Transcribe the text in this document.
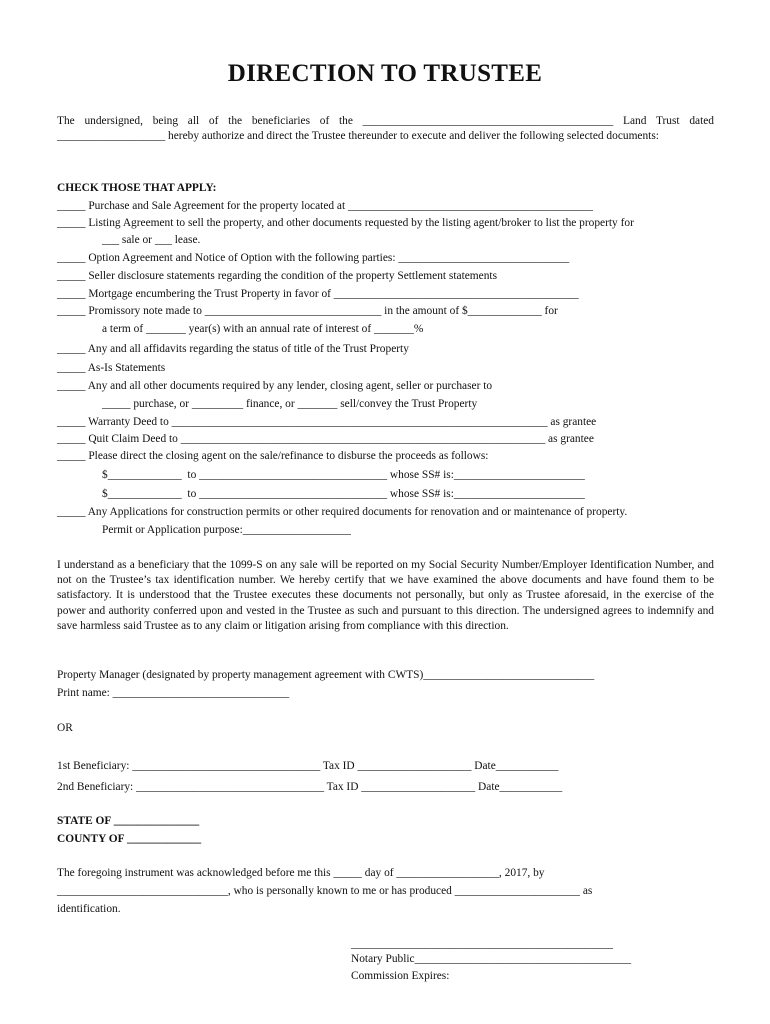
DIRECTION TO TRUSTEE
The undersigned, being all of the beneficiaries of the ____________________________________________ Land Trust dated ___________________ hereby authorize and direct the Trustee thereunder to execute and deliver the following selected documents:
CHECK THOSE THAT APPLY:
_____ Purchase and Sale Agreement for the property located at ___________________________________________
_____ Listing Agreement to sell the property, and other documents requested by the listing agent/broker to list the property for
___ sale or ___ lease.
_____ Option Agreement and Notice of Option with the following parties: ______________________________
_____ Seller disclosure statements regarding the condition of the property Settlement statements
_____ Mortgage encumbering the Trust Property in favor of ___________________________________________
_____ Promissory note made to _______________________________ in the amount of $_____________ for
a term of _______ year(s) with an annual rate of interest of _______%
_____ Any and all affidavits regarding the status of title of the Trust Property
_____ As-Is Statements
_____ Any and all other documents required by any lender, closing agent, seller or purchaser to
_____ purchase, or _________ finance, or _______ sell/convey the Trust Property
_____ Warranty Deed to __________________________________________________________________ as grantee
_____ Quit Claim Deed to ________________________________________________________________ as grantee
_____ Please direct the closing agent on the sale/refinance to disburse the proceeds as follows:
$_____________  to _________________________________ whose SS# is:_______________________
$_____________  to _________________________________ whose SS# is:_______________________
_____ Any Applications for construction permits or other required documents for renovation and or maintenance of property.
Permit or Application purpose:___________________
I understand as a beneficiary that the 1099-S on any sale will be reported on my Social Security Number/Employer Identification Number, and not on the Trustee’s tax identification number. We hereby certify that we have examined the above documents and have found them to be satisfactory. It is understood that the Trustee executes these documents not personally, but only as Trustee aforesaid, in the exercise of the power and authority conferred upon and vested in the Trustee as such and pursuant to this direction. The undersigned agrees to indemnify and save harmless said Trustee as to any claim or litigation arising from compliance with this direction.
Property Manager (designated by property management agreement with CWTS)______________________________
Print name: _______________________________
OR
1st Beneficiary: _________________________________ Tax ID ____________________ Date___________
2nd Beneficiary: _________________________________ Tax ID ____________________ Date___________
STATE OF _______________
COUNTY OF _____________
The foregoing instrument was acknowledged before me this _____ day of __________________, 2017, by
______________________________, who is personally known to me or has produced ______________________ as
identification.
______________________________________________
Notary Public______________________________________
Commission Expires:
